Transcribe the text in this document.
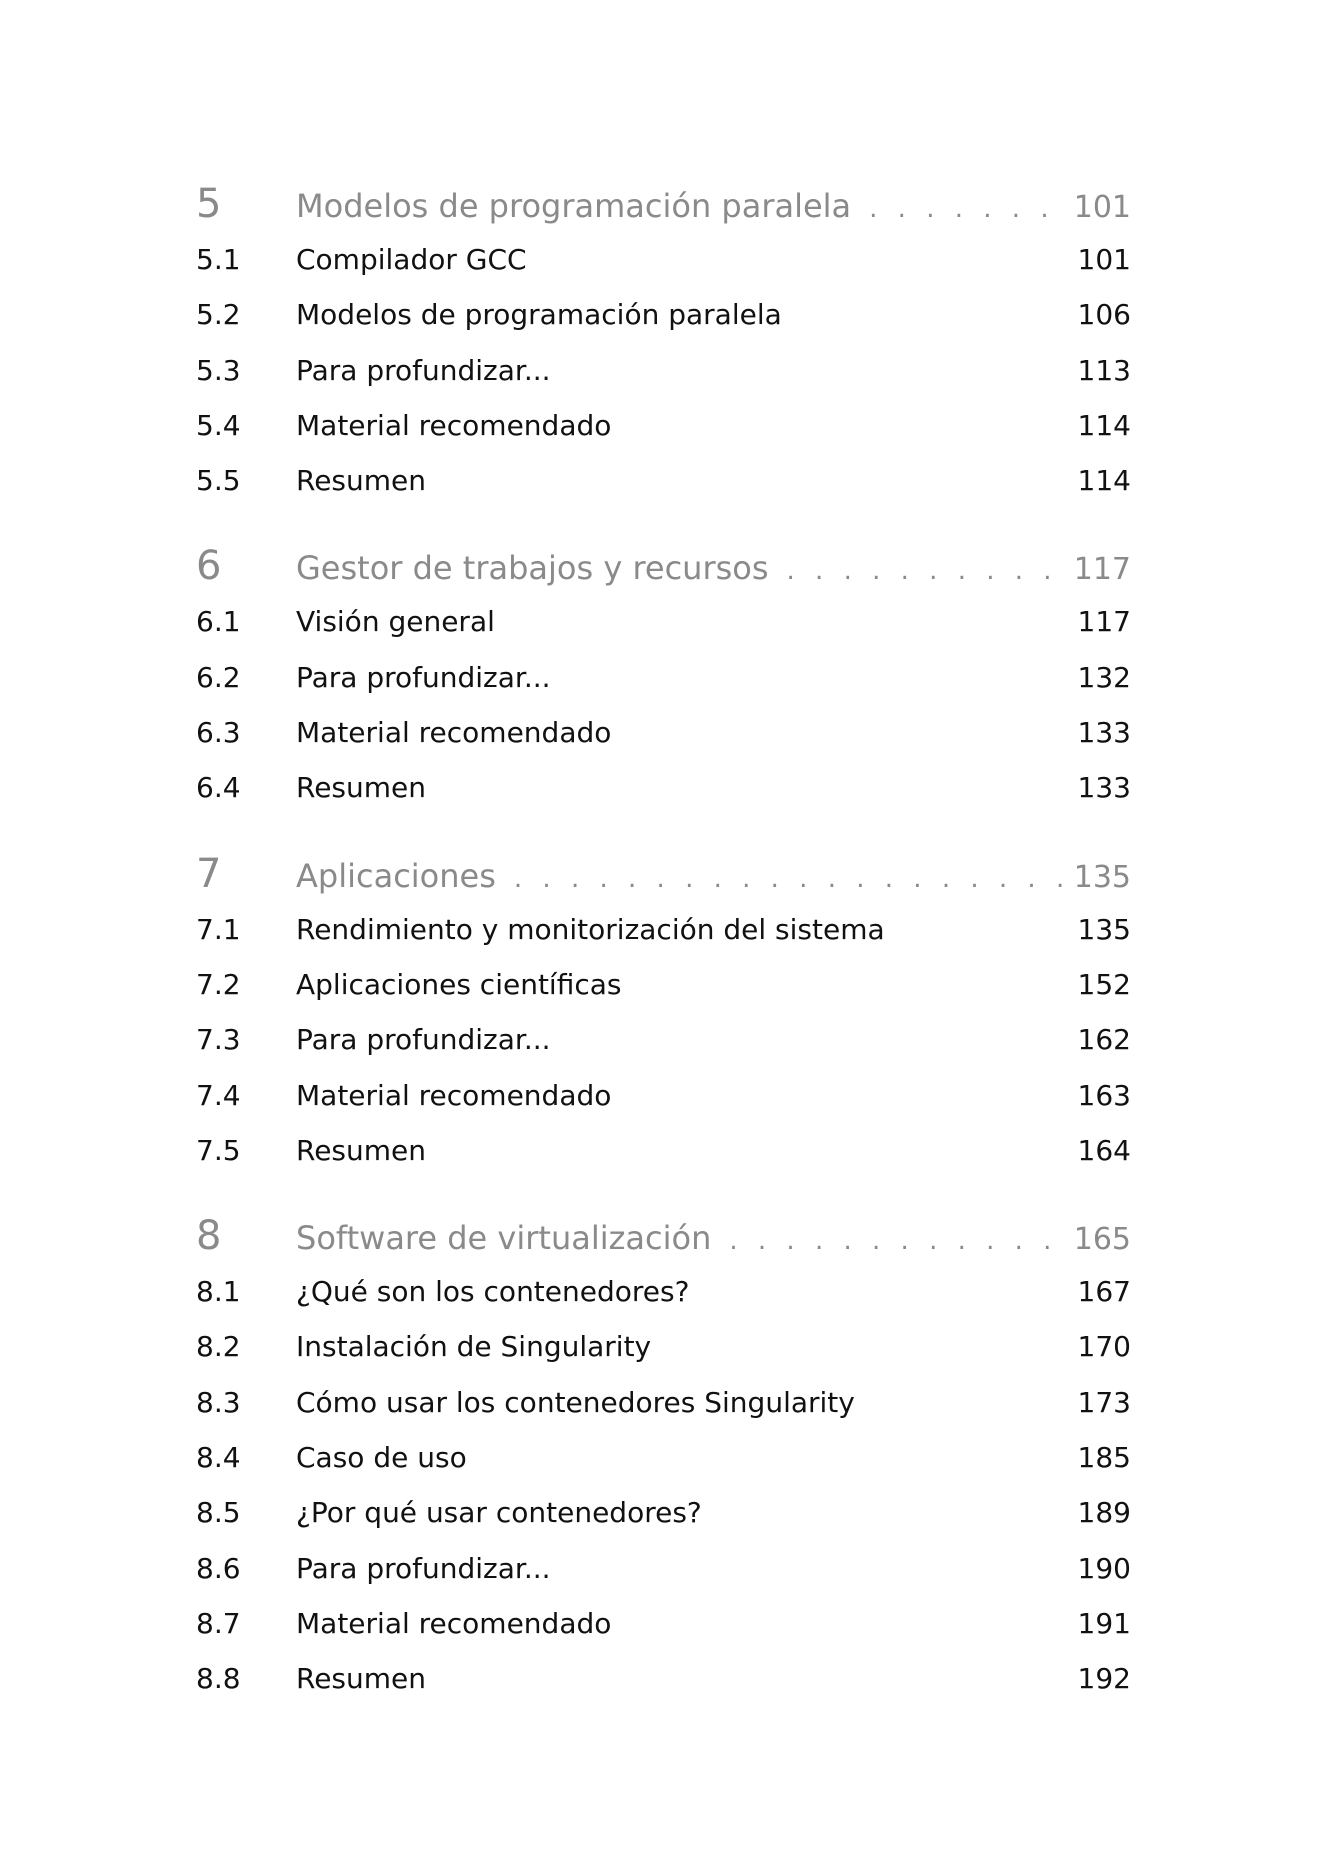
5	Modelos de programación paralela . . .	101
5.1	Compilador GCC	101
5.2	Modelos de programación paralela	106
5.3	Para profundizar...	113
5.4	Material recomendado	114
5.5	Resumen	114
6	Gestor de trabajos y recursos . . .	117
6.1	Visión general	117
6.2	Para profundizar...	132
6.3	Material recomendado	133
6.4	Resumen	133
7	Aplicaciones . . .	135
7.1	Rendimiento y monitorización del sistema	135
7.2	Aplicaciones científicas	152
7.3	Para profundizar...	162
7.4	Material recomendado	163
7.5	Resumen	164
8	Software de virtualización . . .	165
8.1	¿Qué son los contenedores?	167
8.2	Instalación de Singularity	170
8.3	Cómo usar los contenedores Singularity	173
8.4	Caso de uso	185
8.5	¿Por qué usar contenedores?	189
8.6	Para profundizar...	190
8.7	Material recomendado	191
8.8	Resumen	192
